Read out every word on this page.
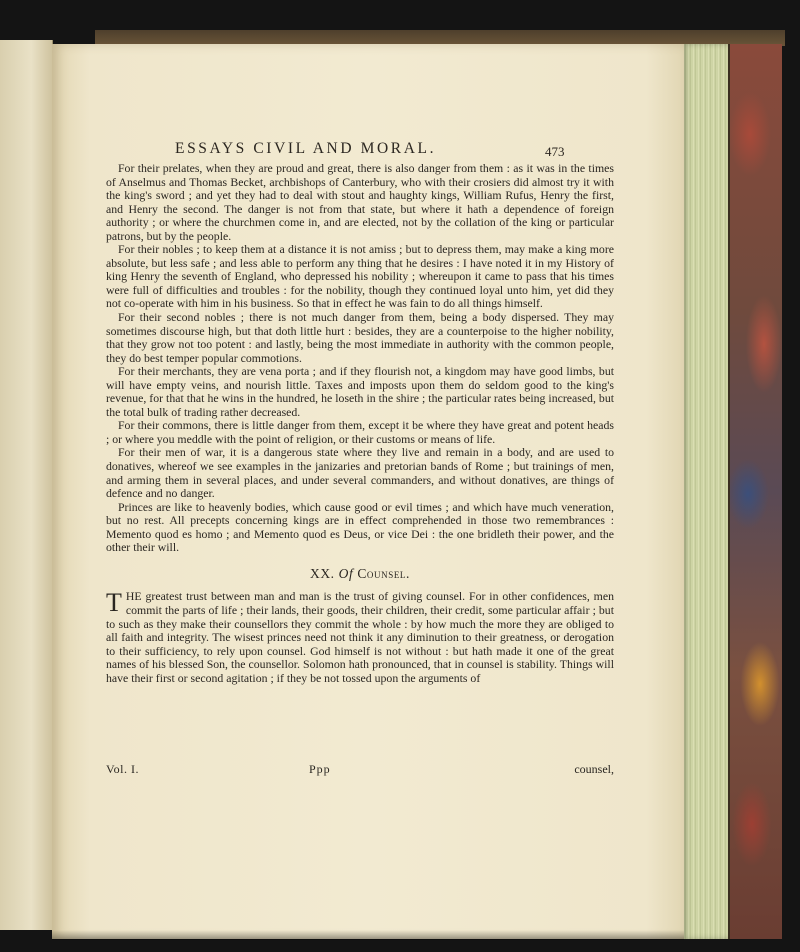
ESSAYS CIVIL AND MORAL.	473

For their prelates, when they are proud and great, there is also danger from them : as it was in the times of Anselmus and Thomas Becket, archbishops of Canterbury, who with their crosiers did almost try it with the king's sword ; and yet they had to deal with stout and haughty kings, William Rufus, Henry the first, and Henry the second. The danger is not from that state, but where it hath a dependence of foreign authority ; or where the churchmen come in, and are elected, not by the collation of the king or particular patrons, but by the people.

For their nobles ; to keep them at a distance it is not amiss ; but to depress them, may make a king more absolute, but less safe ; and less able to perform any thing that he desires : I have noted it in my History of king Henry the seventh of England, who depressed his nobility ; whereupon it came to pass that his times were full of difficulties and troubles : for the nobility, though they continued loyal unto him, yet did they not co-operate with him in his business. So that in effect he was fain to do all things himself.

For their second nobles ; there is not much danger from them, being a body dispersed. They may sometimes discourse high, but that doth little hurt : besides, they are a counterpoise to the higher nobility, that they grow not too potent : and lastly, being the most immediate in authority with the common people, they do best temper popular commotions.

For their merchants, they are vena porta ; and if they flourish not, a kingdom may have good limbs, but will have empty veins, and nourish little. Taxes and imposts upon them do seldom good to the king's revenue, for that that he wins in the hundred, he loseth in the shire ; the particular rates being increased, but the total bulk of trading rather decreased.

For their commons, there is little danger from them, except it be where they have great and potent heads ; or where you meddle with the point of religion, or their customs or means of life.

For their men of war, it is a dangerous state where they live and remain in a body, and are used to donatives, whereof we see examples in the janizaries and pretorian bands of Rome ; but trainings of men, and arming them in several places, and under several commanders, and without donatives, are things of defence and no danger.

Princes are like to heavenly bodies, which cause good or evil times ; and which have much veneration, but no rest. All precepts concerning kings are in effect comprehended in those two remembrances : Memento quod es homo ; and Memento quod es Deus, or vice Dei : the one bridleth their power, and the other their will.

XX. Of Counsel.

T HE greatest trust between man and man is the trust of giving counsel. For in other confidences, men commit the parts of life ; their lands, their goods, their children, their credit, some particular affair ; but to such as they make their counsellors they commit the whole : by how much the more they are obliged to all faith and integrity. The wisest princes need not think it any diminution to their greatness, or derogation to their sufficiency, to rely upon counsel. God himself is not without : but hath made it one of the great names of his blessed Son, the counsellor. Solomon hath pronounced, that in counsel is stability. Things will have their first or second agitation ; if they be not tossed upon the arguments of

Vol. I.	Ppp	counsel,
